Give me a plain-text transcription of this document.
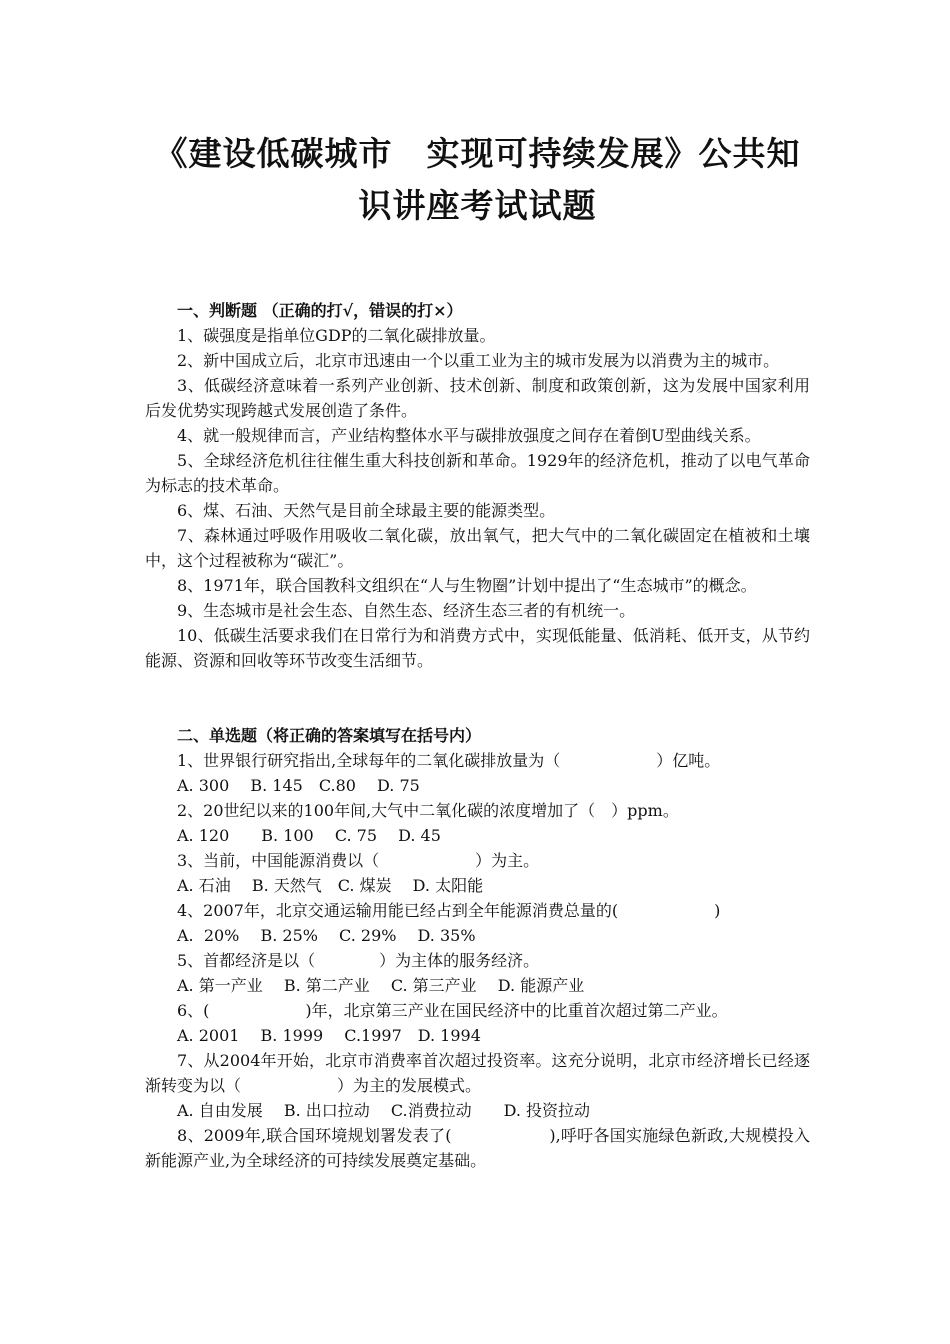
《建设低碳城市　实现可持续发展》公共知

识讲座考试试题

一、判断题 （正确的打√，错误的打×）

1、碳强度是指单位GDP的二氧化碳排放量。

2、新中国成立后，北京市迅速由一个以重工业为主的城市发展为以消费为主的城市。

3、低碳经济意味着一系列产业创新、技术创新、制度和政策创新，这为发展中国家利用后发优势实现跨越式发展创造了条件。

4、就一般规律而言，产业结构整体水平与碳排放强度之间存在着倒U型曲线关系。

5、全球经济危机往往催生重大科技创新和革命。1929年的经济危机，推动了以电气革命为标志的技术革命。

6、煤、石油、天然气是目前全球最主要的能源类型。

7、森林通过呼吸作用吸收二氧化碳，放出氧气，把大气中的二氧化碳固定在植被和土壤中，这个过程被称为“碳汇”。

8、1971年，联合国教科文组织在“人与生物圈”计划中提出了“生态城市”的概念。

9、生态城市是社会生态、自然生态、经济生态三者的有机统一。

10、低碳生活要求我们在日常行为和消费方式中，实现低能量、低消耗、低开支，从节约能源、资源和回收等环节改变生活细节。

二、单选题（将正确的答案填写在括号内）

1、世界银行研究指出,全球每年的二氧化碳排放量为（　　　　　　）亿吨。

A. 300　 B. 145　C.80　 D. 75

2、20世纪以来的100年间,大气中二氧化碳的浓度增加了（　）ppm。

A. 120　　B. 100　 C. 75　 D. 45

3、当前，中国能源消费以（　　　　　　）为主。

A. 石油　 B. 天然气　C. 煤炭　 D. 太阳能

4、2007年，北京交通运输用能已经占到全年能源消费总量的(　　　　　　)

A.  20%　 B. 25%　 C. 29%　 D. 35%

5、首都经济是以（　　　　）为主体的服务经济。

A. 第一产业　 B. 第二产业　 C. 第三产业　 D. 能源产业

6、(　　　　　　)年，北京第三产业在国民经济中的比重首次超过第二产业。

A. 2001　 B. 1999　 C.1997　D. 1994

7、从2004年开始，北京市消费率首次超过投资率。这充分说明，北京市经济增长已经逐渐转变为以（　　　　　　）为主的发展模式。

A. 自由发展　 B. 出口拉动　 C.消费拉动　　D. 投资拉动

8、2009年,联合国环境规划署发表了(　　　　　　),呼吁各国实施绿色新政,大规模投入新能源产业,为全球经济的可持续发展奠定基础。
